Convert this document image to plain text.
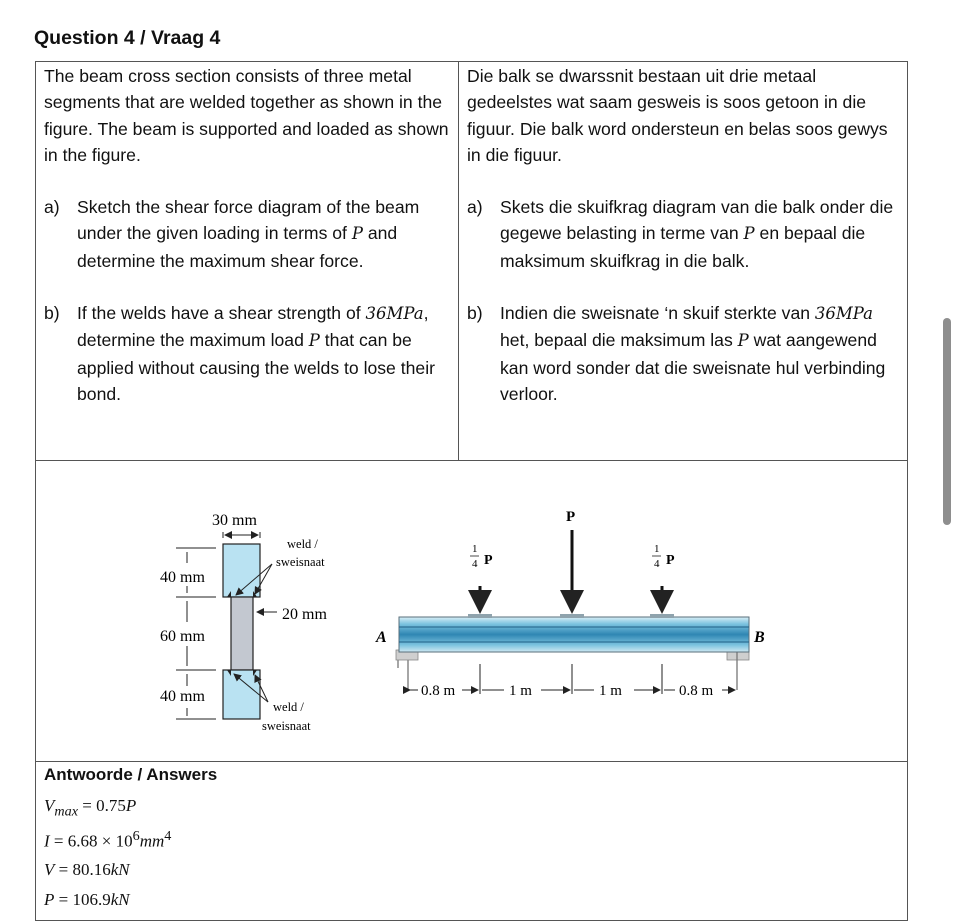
Question 4 / Vraag 4

The beam cross section consists of three metal segments that are welded together as shown in the figure. The beam is supported and loaded as shown in the figure.

a) Sketch the shear force diagram of the beam under the given loading in terms of P and determine the maximum shear force.
b) If the welds have a shear strength of 36MPa, determine the maximum load P that can be applied without causing the welds to lose their bond.

Die balk se dwarssnit bestaan uit drie metaal gedeelstes wat saam gesweis is soos getoon in die figuur. Die balk word ondersteun en belas soos gewys in die figuur.

a) Skets die skuifkrag diagram van die balk onder die gegewe belasting in terme van P en bepaal die maksimum skuifkrag in die balk.
b) Indien die sweisnate ‘n skuif sterkte van 36MPa het, bepaal die maksimum las P wat aangewend kan word sonder dat die sweisnate hul verbinding verloor.
30 mm
40 mm
60 mm
40 mm
20 mm
weld /
sweisnaat
weld /
sweisnaat
P
1
4 P
1
4 P
A	B
0.8 m	1 m	1 m	0.8 m
Antwoorde / Answers
$V_{max} = 0.75P$
$I = 6.68 \times 10^6mm^4$
V = 80.16kN
P = 106.9kN
